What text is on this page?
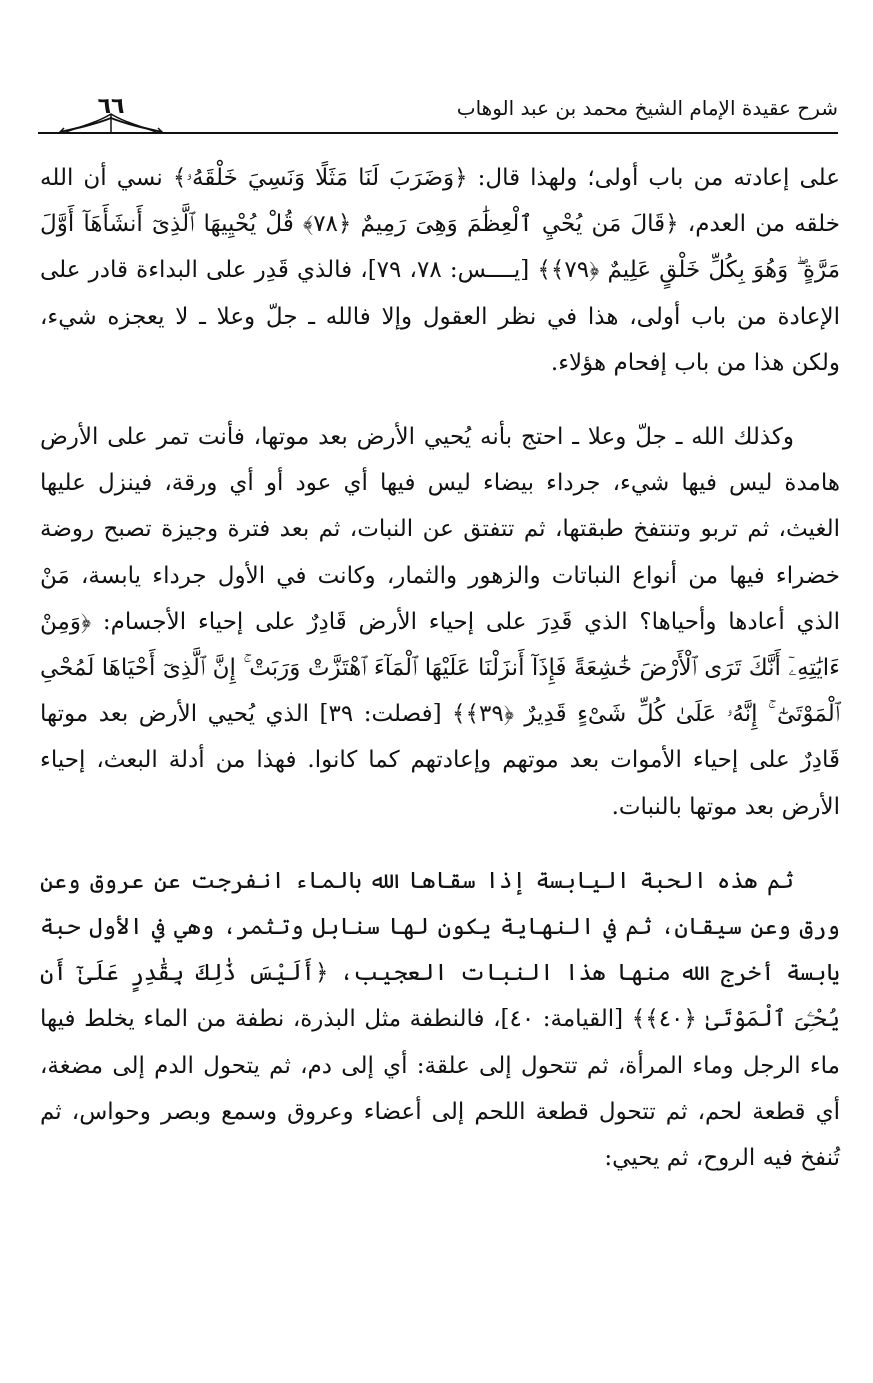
٦٦	شرح عقيدة الإمام الشيخ محمد بن عبد الوهاب

على إعادته من باب أولى؛ ولهذا قال: ﴿وَضَرَبَ لَنَا مَثَلًا وَنَسِيَ خَلْقَهُۥ﴾ نسي أن الله خلقه من العدم، ﴿قَالَ مَن يُحْيِ ٱلْعِظَٰمَ وَهِىَ رَمِيمٌ ﴿٧٨﴾ قُلْ يُحْيِيهَا ٱلَّذِىٓ أَنشَأَهَآ أَوَّلَ مَرَّةٍ ۖ وَهُوَ بِكُلِّ خَلْقٍ عَلِيمٌ ﴿٧٩﴾﴾ [يــــس: ٧٨، ٧٩]، فالذي قَدِر على البداءة قادر على الإعادة من باب أولى، هذا في نظر العقول وإلا فالله ـ جلّ وعلا ـ لا يعجزه شيء، ولكن هذا من باب إفحام هؤلاء.

وكذلك الله ـ جلّ وعلا ـ احتج بأنه يُحيي الأرض بعد موتها، فأنت تمر على الأرض هامدة ليس فيها شيء، جرداء بيضاء ليس فيها أي عود أو أي ورقة، فينزل عليها الغيث، ثم تربو وتنتفخ طبقتها، ثم تتفتق عن النبات، ثم بعد فترة وجيزة تصبح روضة خضراء فيها من أنواع النباتات والزهور والثمار، وكانت في الأول جرداء يابسة، مَنْ الذي أعادها وأحياها؟ الذي قَدِرَ على إحياء الأرض قَادِرٌ على إحياء الأجسام: ﴿وَمِنْ ءَايَٰتِهِۦٓ أَنَّكَ تَرَى ٱلْأَرْضَ خَٰشِعَةً فَإِذَآ أَنزَلْنَا عَلَيْهَا ٱلْمَآءَ ٱهْتَزَّتْ وَرَبَتْ ۚ إِنَّ ٱلَّذِىٓ أَحْيَاهَا لَمُحْىِ ٱلْمَوْتَىٰٓ ۚ إِنَّهُۥ عَلَىٰ كُلِّ شَىْءٍ قَدِيرٌ ﴿٣٩﴾﴾ [فصلت: ٣٩] الذي يُحيي الأرض بعد موتها قَادِرٌ على إحياء الأموات بعد موتهم وإعادتهم كما كانوا. فهذا من أدلة البعث، إحياء الأرض بعد موتها بالنبات.

ثم هذه الحبة اليابسة إذا سقاها الله بالماء انفرجت عن عروق وعن ورق وعن سيقان، ثم في النهاية يكون لها سنابل وتثمر، وهي في الأول حبة يابسة أخرج الله منها هذا النبات العجيب، ﴿أَلَيْسَ ذَٰلِكَ بِقَٰدِرٍ عَلَىٰٓ أَن يُحْـِۧىَ ٱلْمَوْتَىٰ ﴿٤٠﴾﴾ [القيامة: ٤٠]، فالنطفة مثل البذرة، نطفة من الماء يخلط فيها ماء الرجل وماء المرأة، ثم تتحول إلى علقة: أي إلى دم، ثم يتحول الدم إلى مضغة، أي قطعة لحم، ثم تتحول قطعة اللحم إلى أعضاء وعروق وسمع وبصر وحواس، ثم تُنفخ فيه الروح، ثم يحيي:
